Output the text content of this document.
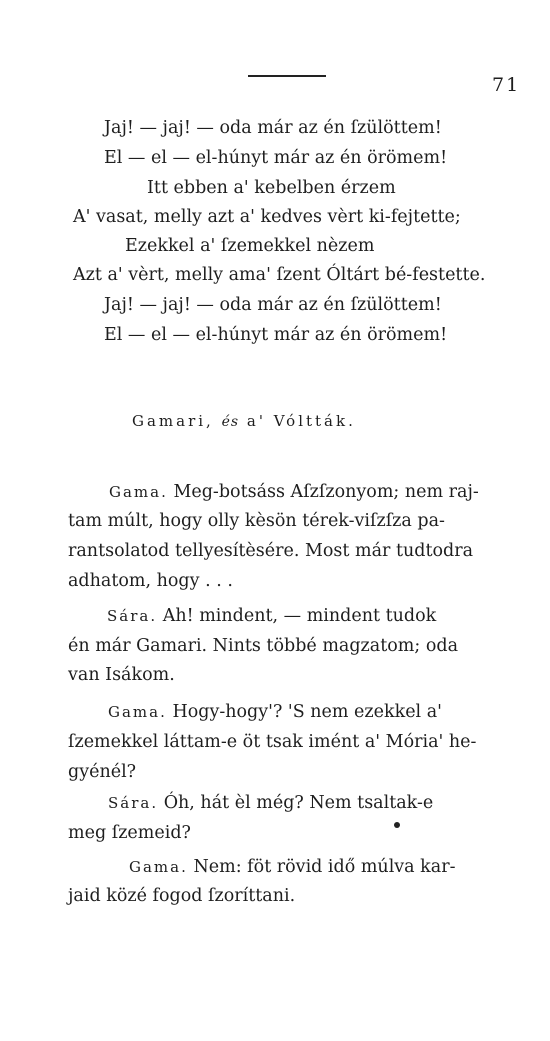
71
Jaj! — jaj! — oda már az én ſzülöttem!
El — el — el-húnyt már az én örömem!
Itt ebben a' kebelben érzem
A' vasat, melly azt a' kedves vèrt ki-fejtette;
Ezekkel a' ſzemekkel nèzem
Azt a' vèrt, melly ama' ſzent Óltárt bé-festette.
Jaj! — jaj! — oda már az én ſzülöttem!
El — el — el-húnyt már az én örömem!
Gamari, és a' Vóltták.
Gama. Meg-botsáss Aſzſzonyom; nem raj-
tam múlt, hogy olly kèsön térek-viſzſza pa-
rantsolatod tellyesítèsére. Most már tudtodra
adhatom, hogy . . .
Sára. Ah! mindent, — mindent tudok
én már Gamari. Nints többé magzatom; oda
van Isákom.
Gama. Hogy-hogy'? 'S nem ezekkel a'
ſzemekkel láttam-e öt tsak imént a' Mória' he-
gyénél?
Sára. Óh, hát èl még? Nem tsaltak-e
meg ſzemeid?
Gama. Nem: föt rövid idő múlva kar-
jaid közé fogod ſzoríttani.
